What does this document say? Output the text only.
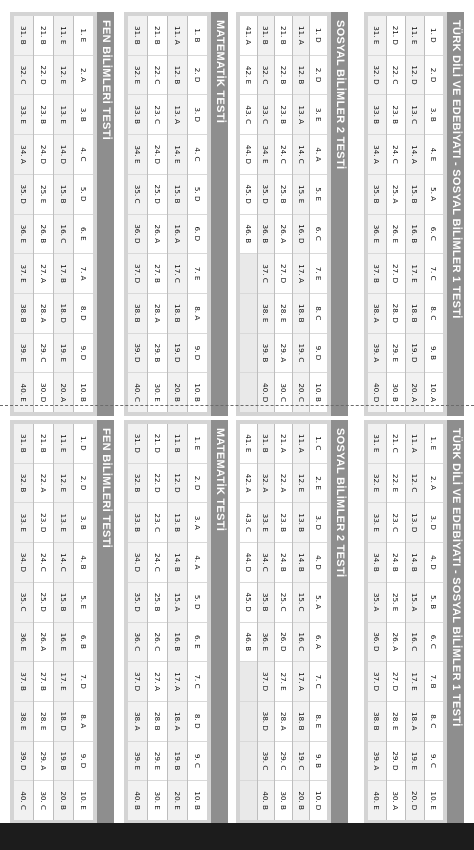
TÜRK DİLİ VE EDEBİYATI - SOSYAL BİLİMLER 1 TESTİ
1. D
2. D
3. B
4. E
5. A
6. C
7. C
8. C
9. B
10. A
11. E
12. D
13. C
14. A
15. B
16. B
17. E
18. B
19. D
20. A
21. D
22. C
23. B
24. C
25. A
26. E
27. D
28. D
29. E
30. B
31. E
32. D
33. B
34. A
35. B
36. E
37. B
38. A
39. A
40. D
SOSYAL BİLİMLER 2 TESTİ
1. D
2. D
3. E
4. A
5. E
6. C
7. E
8. C
9. D
10. B
11. A
12. B
13. A
14. C
15. E
16. D
17. A
18. B
19. C
20. C
21. B
22. B
23. B
24. C
25. B
26. A
27. D
28. E
29. A
30. C
31. B
32. C
33. C
34. E
35. D
36. B
37. C
38. E
39. B
40. D
41. A
42. E
43. C
44. D
45. D
46. B
MATEMATİK TESTİ
1. B
2. D
3. D
4. C
5. D
6. D
7. E
8. A
9. D
10. B
11. A
12. B
13. A
14. E
15. B
16. A
17. C
18. B
19. D
20. B
21. B
22. C
23. C
24. D
25. D
26. A
27. B
28. A
29. B
30. E
31. B
32. E
33. B
34. E
35. C
36. D
37. D
38. B
39. D
40. C
FEN BİLİMLERİ TESTİ
1. E
2. A
3. B
4. C
5. D
6. E
7. A
8. D
9. D
10. B
11. E
12. E
13. E
14. D
15. B
16. C
17. B
18. D
19. E
20. A
21. B
22. D
23. B
24. D
25. E
26. B
27. A
28. A
29. C
30. D
31. B
32. C
33. E
34. A
35. D
36. E
37. E
38. B
39. E
40. E
TÜRK DİLİ VE EDEBİYATI - SOSYAL BİLİMLER 1 TESTİ
1. E
2. A
3. D
4. D
5. B
6. C
7. B
8. C
9. C
10. E
11. A
12. C
13. D
14. B
15. A
16. C
17. E
18. A
19. E
20. D
21. C
22. E
23. C
24. B
25. E
26. A
27. D
28. E
29. D
30. A
31. E
32. E
33. E
34. B
35. A
36. D
37. D
38. B
39. A
40. E
SOSYAL BİLİMLER 2 TESTİ
1. C
2. E
3. D
4. D
5. A
6. A
7. C
8. E
9. B
10. D
11. A
12. E
13. B
14. B
15. C
16. C
17. A
18. B
19. C
20. B
21. A
22. A
23. B
24. B
25. C
26. D
27. E
28. A
29. C
30. B
31. B
32. A
33. E
34. C
35. B
36. E
37. D
38. D
39. C
40. B
41. E
42. A
43. C
44. D
45. D
46. B
MATEMATİK TESTİ
1. E
2. D
3. A
4. A
5. D
6. E
7. C
8. D
9. C
10. B
11. B
12. D
13. B
14. B
15. A
16. B
17. A
18. A
19. B
20. E
21. D
22. D
23. C
24. C
25. B
26. C
27. A
28. B
29. E
30. E
31. D
32. B
33. B
34. D
35. D
36. C
37. D
38. A
39. E
40. B
FEN BİLİMLERİ TESTİ
1. D
2. D
3. B
4. B
5. E
6. B
7. D
8. A
9. D
10. E
11. E
12. E
13. E
14. C
15. B
16. E
17. E
18. D
19. B
20. B
21. B
22. A
23. D
24. C
25. D
26. A
27. B
28. E
29. A
30. C
31. B
32. B
33. E
34. D
35. C
36. E
37. B
38. E
39. D
40. C
